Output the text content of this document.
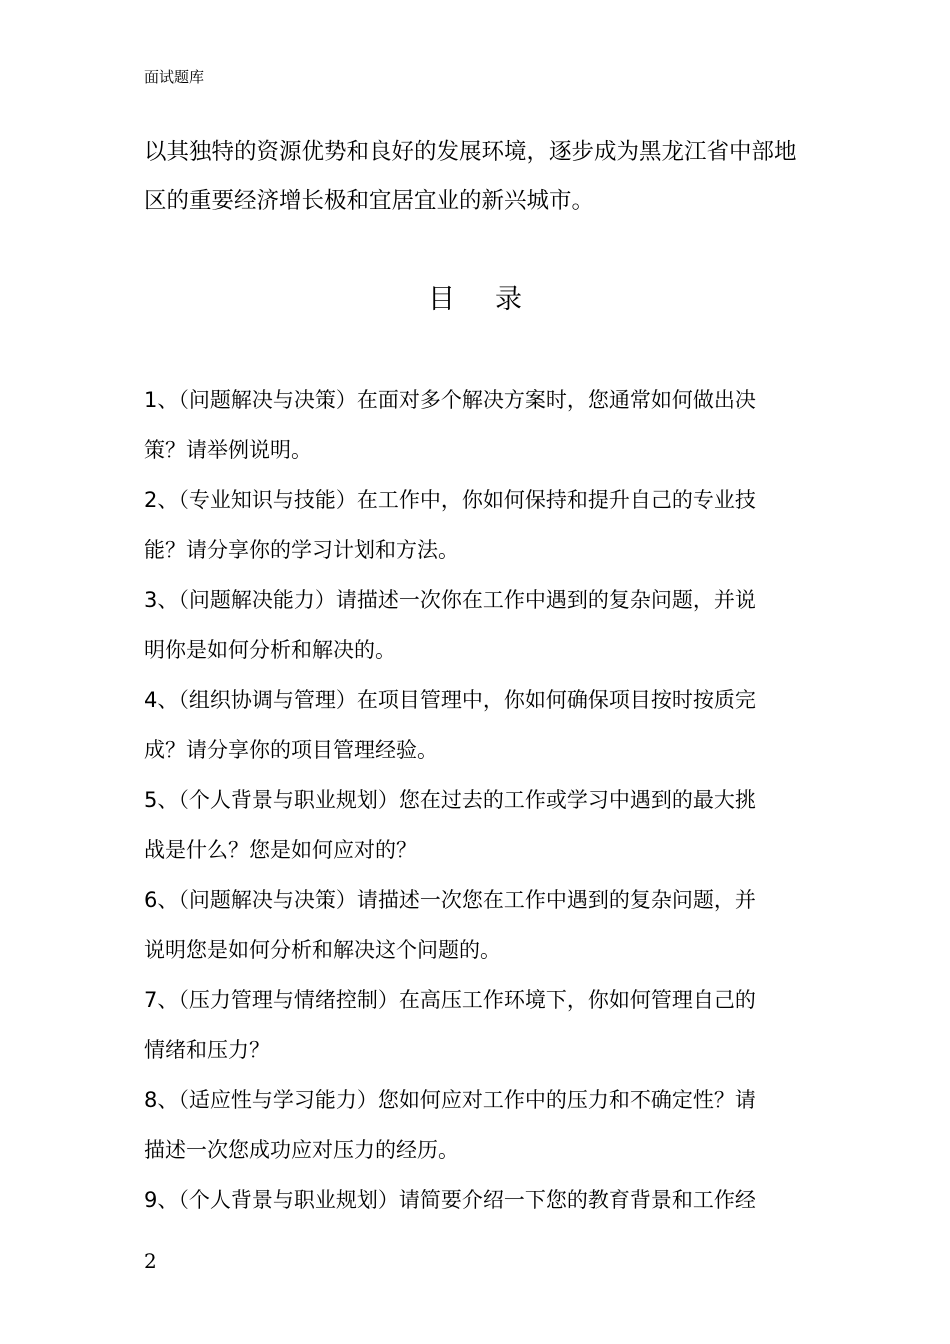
面试题库

以其独特的资源优势和良好的发展环境，逐步成为黑龙江省中部地
区的重要经济增长极和宜居宜业的新兴城市。

目录
1、（问题解决与决策）在面对多个解决方案时，您通常如何做出决
策？请举例说明。
2、（专业知识与技能）在工作中，你如何保持和提升自己的专业技
能？请分享你的学习计划和方法。
3、（问题解决能力）请描述一次你在工作中遇到的复杂问题，并说
明你是如何分析和解决的。
4、（组织协调与管理）在项目管理中，你如何确保项目按时按质完
成？请分享你的项目管理经验。
5、（个人背景与职业规划）您在过去的工作或学习中遇到的最大挑
战是什么？您是如何应对的？
6、（问题解决与决策）请描述一次您在工作中遇到的复杂问题，并
说明您是如何分析和解决这个问题的。
7、（压力管理与情绪控制）在高压工作环境下，你如何管理自己的
情绪和压力？
8、（适应性与学习能力）您如何应对工作中的压力和不确定性？请
描述一次您成功应对压力的经历。
9、（个人背景与职业规划）请简要介绍一下您的教育背景和工作经
2
